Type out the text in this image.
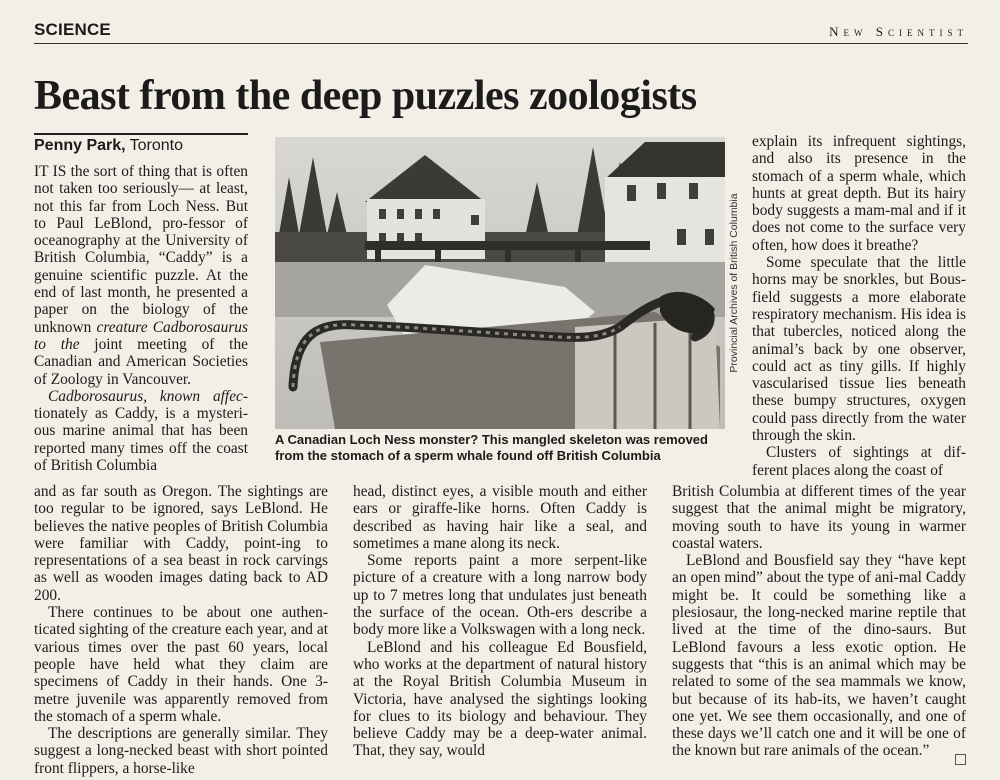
SCIENCE	New Scientist
Beast from the deep puzzles zoologists
Penny Park, Toronto
Provincial Archives of British Columbia
A Canadian Loch Ness monster? This mangled skeleton was removed
from the stomach of a sperm whale found off British Columbia

IT IS the sort of thing that is often not taken too seriously— at least, not this far from Loch Ness. But to Paul LeBlond, pro-fessor of oceanography at the University of British Columbia, “Caddy” is a genuine scientific puzzle. At the end of last month, he presented a paper on the biology of the unknown creature Cadborosaurus to the joint meeting of the Canadian and American Societies of Zoology in Vancouver.

Cadborosaurus, known affec-tionately as Caddy, is a mysteri-ous marine animal that has been reported many times off the coast of British Columbia

and as far south as Oregon. The sightings are too regular to be ignored, says LeBlond. He believes the native peoples of British Columbia were familiar with Caddy, point-ing to representations of a sea beast in rock carvings as well as wooden images dating back to AD 200.

There continues to be about one authen-ticated sighting of the creature each year, and at various times over the past 60 years, local people have held what they claim are specimens of Caddy in their hands. One 3-metre juvenile was apparently removed from the stomach of a sperm whale.

The descriptions are generally similar. They suggest a long-necked beast with short pointed front flippers, a horse-like

head, distinct eyes, a visible mouth and either ears or giraffe-like horns. Often Caddy is described as having hair like a seal, and sometimes a mane along its neck.

Some reports paint a more serpent-like picture of a creature with a long narrow body up to 7 metres long that undulates just beneath the surface of the ocean. Oth-ers describe a body more like a Volkswagen with a long neck.

LeBlond and his colleague Ed Bousfield, who works at the department of natural history at the Royal British Columbia Museum in Victoria, have analysed the sightings looking for clues to its biology and behaviour. They believe Caddy may be a deep-water animal. That, they say, would

explain its infrequent sightings, and also its presence in the stomach of a sperm whale, which hunts at great depth. But its hairy body suggests a mam-mal and if it does not come to the surface very often, how does it breathe?

Some speculate that the little horns may be snorkles, but Bous-field suggests a more elaborate respiratory mechanism. His idea is that tubercles, noticed along the animal’s back by one observer, could act as tiny gills. If highly vascularised tissue lies beneath these bumpy structures, oxygen could pass directly from the water through the skin.

Clusters of sightings at dif-ferent places along the coast of

British Columbia at different times of the year suggest that the animal might be migratory, moving south to have its young in warmer coastal waters.

LeBlond and Bousfield say they “have kept an open mind” about the type of ani-mal Caddy might be. It could be something like a plesiosaur, the long-necked marine reptile that lived at the time of the dino-saurs. But LeBlond favours a less exotic option. He suggests that “this is an animal which may be related to some of the sea mammals we know, but because of its hab-its, we haven’t caught one yet. We see them occasionally, and one of these days we’ll catch one and it will be one of the known but rare animals of the ocean.”
